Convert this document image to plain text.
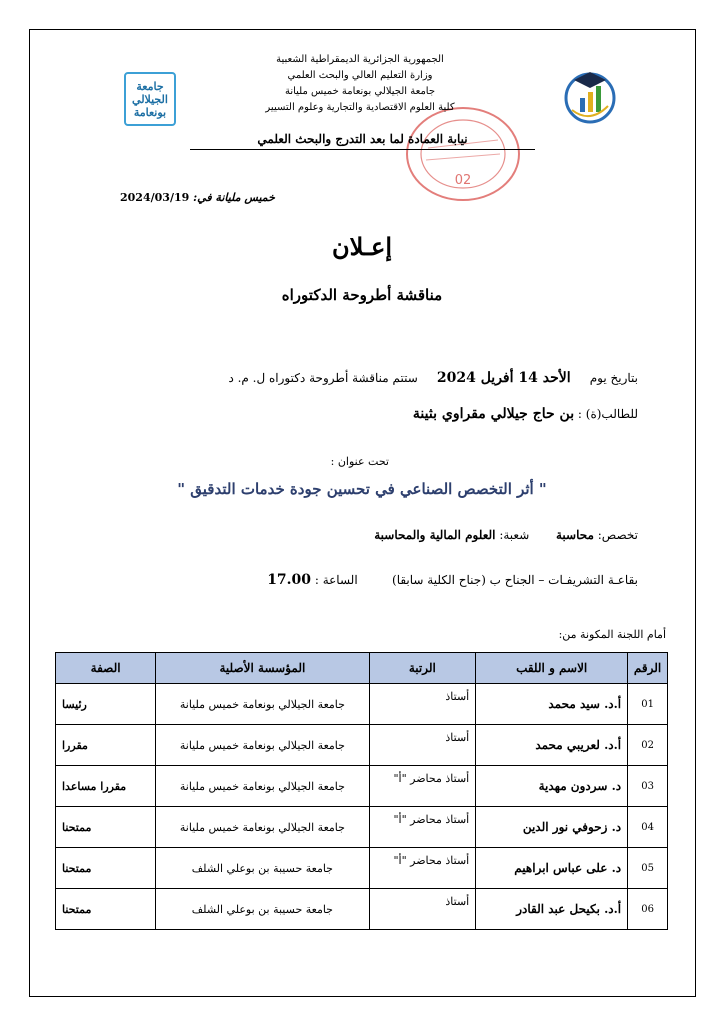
جامعة الجيلالي بونعامة
02
الجمهورية الجزائرية الديمقراطية الشعبية
وزارة التعليم العالي والبحث العلمي
جامعة الجيلالي بونعامة خميس مليانة
كلية العلوم الاقتصادية والتجارية وعلوم التسيير
نيابة العمادة لما بعد التدرج والبحث العلمي
خميس مليانة في: 2024/03/19
إعـلان
مناقشة أطروحة الدكتوراه
بتاريخ يوم     الأحد 14 أفريل 2024     ستتم مناقشة أطروحة دكتوراه ل. م. د
للطالب(ة) : بن حاج جيلالي مقراوي بثينة
تحت عنوان :
" أثر التخصص الصناعي في تحسين جودة خدمات التدقيق "
تخصص: محاسبة       شعبة: العلوم المالية والمحاسبة
بقاعـة التشريفـات – الجناح ب (جناح الكلية سابقا)         الساعة : 17.00
أمام اللجنة المكونة من:
الرقم	الاسم و اللقب	الرتبة	المؤسسة الأصلية	الصفة
01	أ.د. سيد محمد	أستاذ	جامعة الجيلالي بونعامة خميس مليانة	رئيسا
02	أ.د. لعريبي محمد	أستاذ	جامعة الجيلالي بونعامة خميس مليانة	مقررا
03	د. سردون مهدية	أستاذ محاضر "أ"	جامعة الجيلالي بونعامة خميس مليانة	مقررا مساعدا
04	د. زحوفي نور الدين	أستاذ محاضر "أ"	جامعة الجيلالي بونعامة خميس مليانة	ممتحنا
05	د. على عباس ابراهيم	أستاذ محاضر "أ"	جامعة حسيبة بن بوعلي الشلف	ممتحنا
06	أ.د. بكيحل عبد القادر	أستاذ	جامعة حسيبة بن بوعلي الشلف	ممتحنا
